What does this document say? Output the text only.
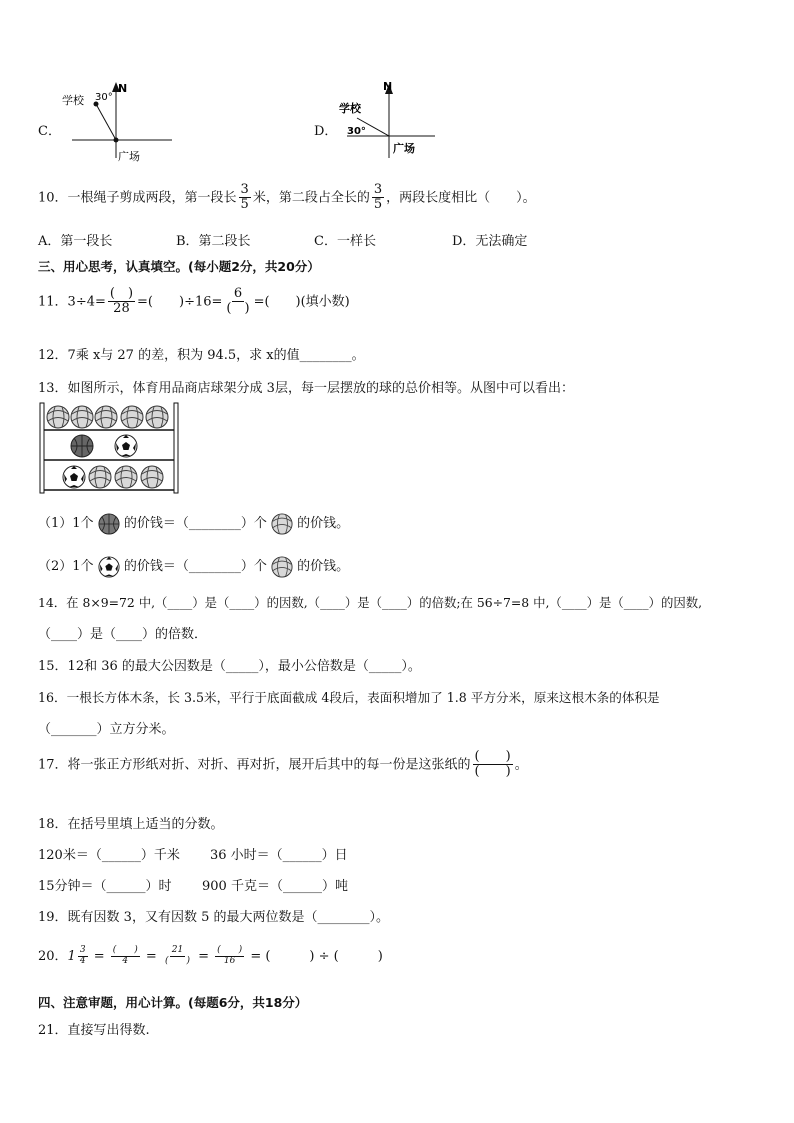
C．
N
学校 30°
广场
D．
N
学校
30°
广场
10．一根绳子剪成两段，第一段长 $\frac{3}{5}$ 米，第二段占全长的 $\frac{3}{5}$ ，两段长度相比（　　）。
A．第一段长	B．第二段长	C．一样长	D．无法确定
三、用心思考，认真填空。(每小题2分，共20分）
11．$3\div 4= \frac{( )}{28}$ =(　　)$\div 16= \frac{6}{( )}$ =(　　)(填小数)
12．7乘 x与 27 的差，积为 94.5，求 x的值________。
13．如图所示，体育用品商店球架分成 3层，每一层摆放的球的总价相等。从图中可以看出：
（1）1个 的价钱＝（________）个 的价钱。
（2）1个 的价钱＝（________）个 的价钱。
14．在 8×9=72 中,（____）是（____）的因数,（____）是（____）的倍数;在 56÷7=8 中,（____）是（____）的因数,
（____）是（____）的倍数．
15．12和 36 的最大公因数是（_____），最小公倍数是（_____）。
16．一根长方体木条，长 3.5米，平行于底面截成 4段后，表面积增加了 1.8 平方分米，原来这根木条的体积是
（_______）立方分米。
17．将一张正方形纸对折、对折、再对折，展开后其中的每一份是这张纸的 $\frac{( )}{( )}$ 。
18．在括号里填上适当的分数。
120米＝（______）千米 36 小时＝（______）日
15分钟＝（______）时 900 千克＝（______）吨
19．既有因数 3，又有因数 5 的最大两位数是（________）。
20．$1 \frac{3}{4} = \frac{( )}{4} = \frac{21}{( )} = \frac{( )}{16}$ = (　　　) ÷ (　　　)
四、注意审题，用心计算。(每题6分，共18分）
21．直接写出得数.
